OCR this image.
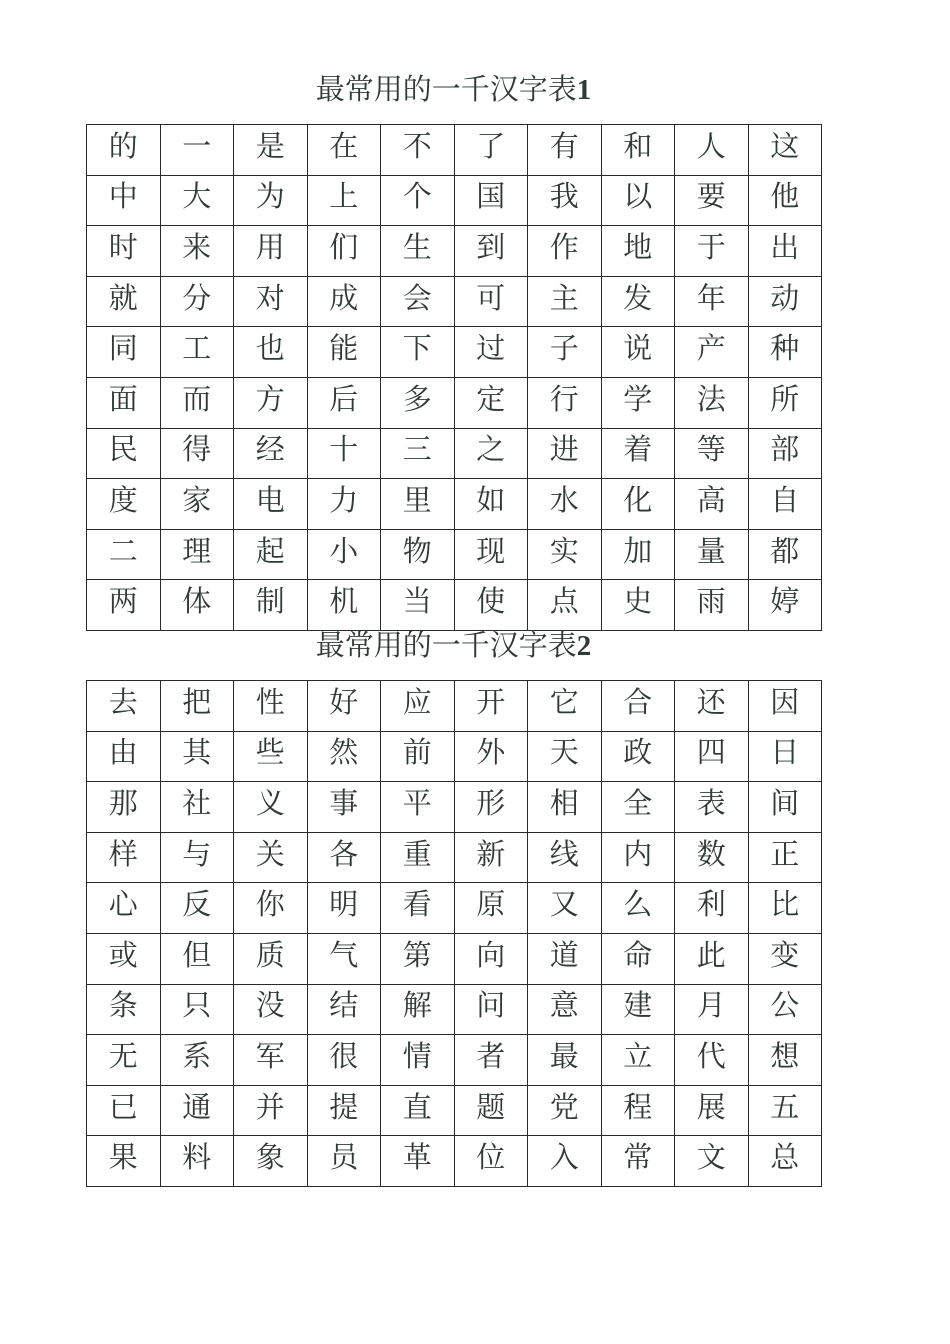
最常用的一千汉字表1
的	一	是	在	不	了	有	和	人	这
中	大	为	上	个	国	我	以	要	他
时	来	用	们	生	到	作	地	于	出
就	分	对	成	会	可	主	发	年	动
同	工	也	能	下	过	子	说	产	种
面	而	方	后	多	定	行	学	法	所
民	得	经	十	三	之	进	着	等	部
度	家	电	力	里	如	水	化	高	自
二	理	起	小	物	现	实	加	量	都
两	体	制	机	当	使	点	史	雨	婷
最常用的一千汉字表2
去	把	性	好	应	开	它	合	还	因
由	其	些	然	前	外	天	政	四	日
那	社	义	事	平	形	相	全	表	间
样	与	关	各	重	新	线	内	数	正
心	反	你	明	看	原	又	么	利	比
或	但	质	气	第	向	道	命	此	变
条	只	没	结	解	问	意	建	月	公
无	系	军	很	情	者	最	立	代	想
已	通	并	提	直	题	党	程	展	五
果	料	象	员	革	位	入	常	文	总
